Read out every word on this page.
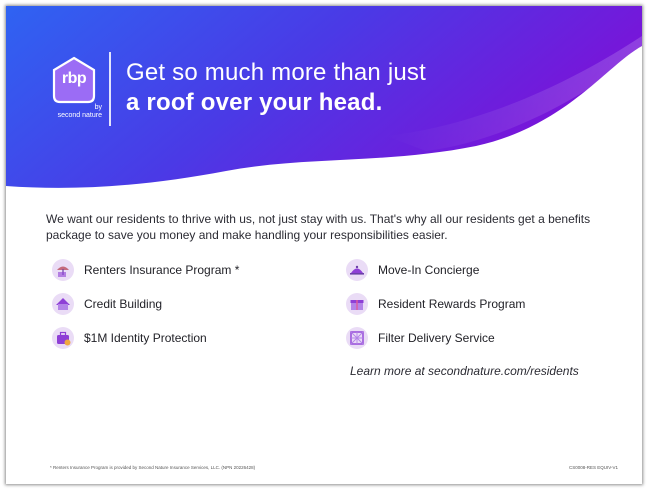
rbp
by
second nature
Get so much more than just
a roof over your head.
We want our residents to thrive with us, not just stay with us. That's why all our residents get a benefits package to save you money and make handling your responsibilities easier.
Renters Insurance Program *
Credit Building
$1M Identity Protection
Move-In Concierge
Resident Rewards Program
Filter Delivery Service
Learn more at secondnature.com/residents
* Renters Insurance Program is provided by Second Nature Insurance Services, LLC. (NPN 20226428)	CS0008-RES EQUIV-V1
